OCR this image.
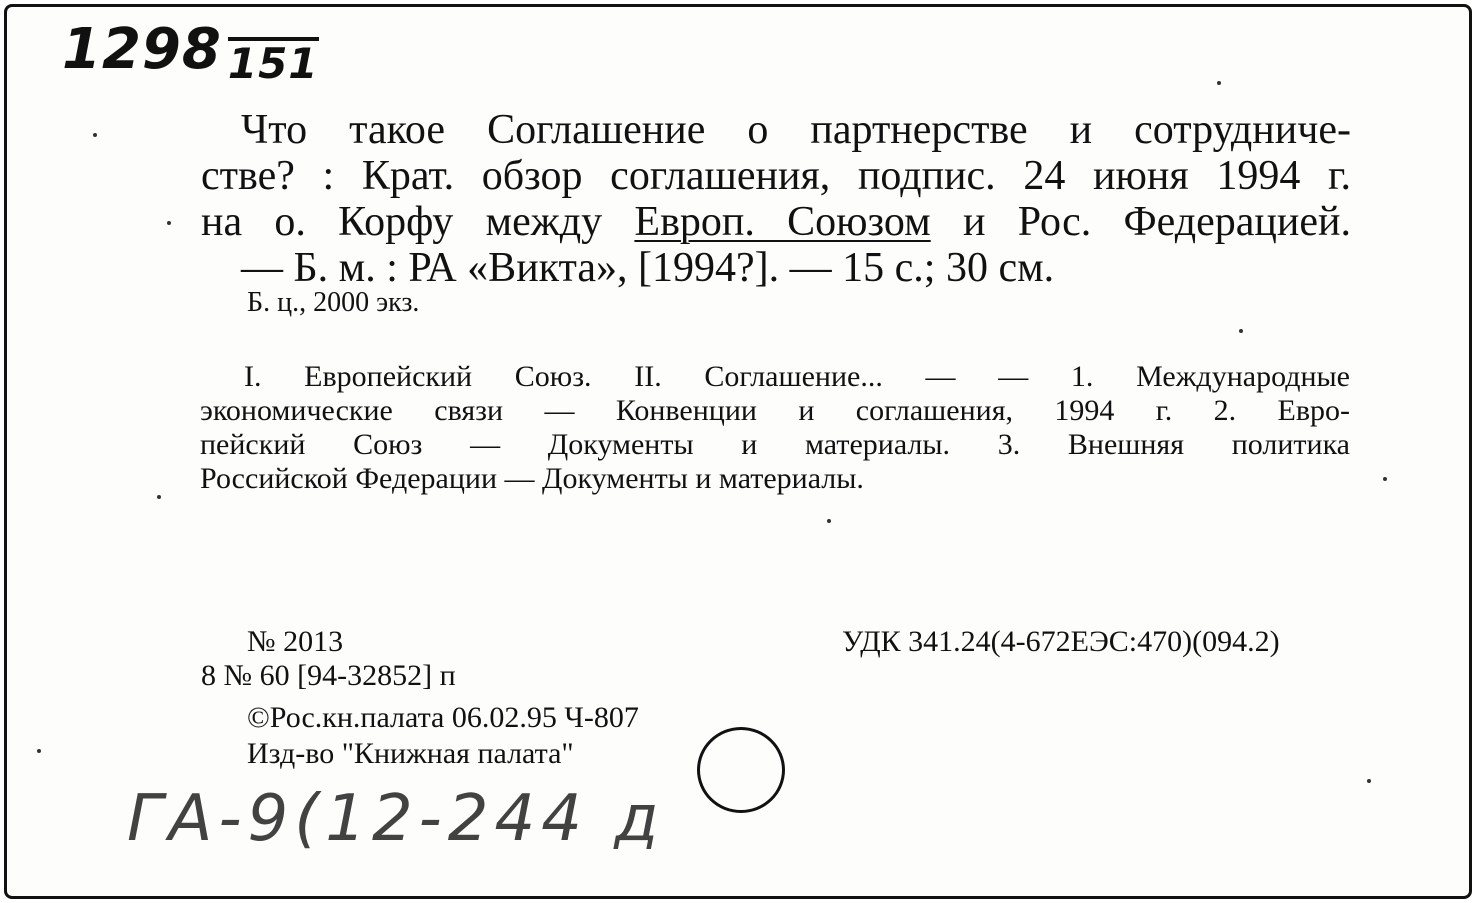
1298 151
Что такое Соглашение о партнерстве и сотрудниче-
стве? : Крат. обзор соглашения, подпис. 24 июня 1994 г.
на о. Корфу между Европ. Союзом и Рос. Федерацией.
— Б. м. : РА «Викта», [1994?]. — 15 с.; 30 см.
Б. ц., 2000 экз.
I. Европейский Союз. II. Соглашение... — — 1. Международные
экономические связи — Конвенции и соглашения, 1994 г. 2. Евро-
пейский Союз — Документы и материалы. 3. Внешняя политика
Российской Федерации — Документы и материалы.
№ 2013
8 № 60 [94-32852] п
©Рос.кн.палата 06.02.95 Ч-807
Изд-во "Книжная палата"
УДК 341.24(4-672ЕЭС:470)(094.2)
ГА-9(12-244 д
